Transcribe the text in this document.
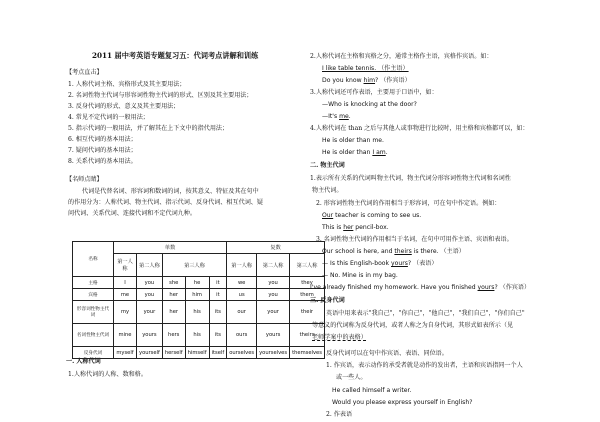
2011 届中考英语专题复习五：代词考点讲解和训练
【考点直击】
1. 人称代词主格、宾格形式及其主要用法；
2. 名词性物主代词与形容词性物主代词的形式、区别及其主要用法；
3. 反身代词的形式、意义及其主要用法；
4. 常见不定代词的一般用法；
5. 指示代词的一般用法，并了解其在上下文中的指代用法；
6. 相互代词的基本用法；
7. 疑问代词的基本用法；
8. 关系代词的基本用法。
【名师点睛】
代词是代替名词、形容词和数词的词，按其意义、特征及其在句中
的作用分为：人称代词、物主代词、指示代词、反身代词、相互代词、疑
问代词、关系代词、连接代词和不定代词九种。
一. 人称代词
1.人称代词的人称、数和格。
名称	单数					复数		
	第一人称	第二人称	第三人称			第一人称	第二人称	第三人称
主格	I	you	she	he	it	we	you	they
宾格	me	you	her	him	it	us	you	them
形容词性物主代词	my	your	her	his	its	our	your	their
名词性物主代词	mine	yours	hers	his	its	ours	yours	theirs
反身代词	myself	yourself	herself	himself	itself	ourselves	yourselves	themselves
2.人称代词在主格和宾格之分，通常主格作主语，宾格作宾语。如：
I like table tennis. （作主语）
Do you know him? （作宾语）
3.人称代词还可作表语，主要用于口语中，如：
—Who is knocking at the door?
—It's me.
4.人称代词在 than 之后与其他人或事物进行比较时，用主格和宾格都可以，如：
He is older than me.
He is older than I am.
二. 物主代词
1.表示所有关系的代词叫物主代词，物主代词分形容词性物主代词和名词性
物主代词。
2. 形容词性物主代词的作用相当于形容词，可在句中作定语。例如：
Our teacher is coming to see us.
This is her pencil-box.
3. 名词性物主代词的作用相当于名词，在句中可用作主语、宾语和表语。
Our school is here, and theirs is there. （主语）
— Is this English-book yours? （表语）
— No. Mine is in my bag.
I've already finished my homework. Have you finished yours? （作宾语）
三. 反身代词
英语中用来表示"我自己"，"你自己"，"他自己"，"我们自己"，"你们自己"
等意义的代词称为反身代词，或者人称之为自身代词，其形式如表所示（见
老师学案中的表格）
反身代词可以在句中作宾语、表语、同位语。
1. 作宾语，表示动作的承受者就是动作的发出者，主语和宾语指同一个人
或一些人。
He called himself a writer.
Would you please express yourself in English?
2. 作表语
